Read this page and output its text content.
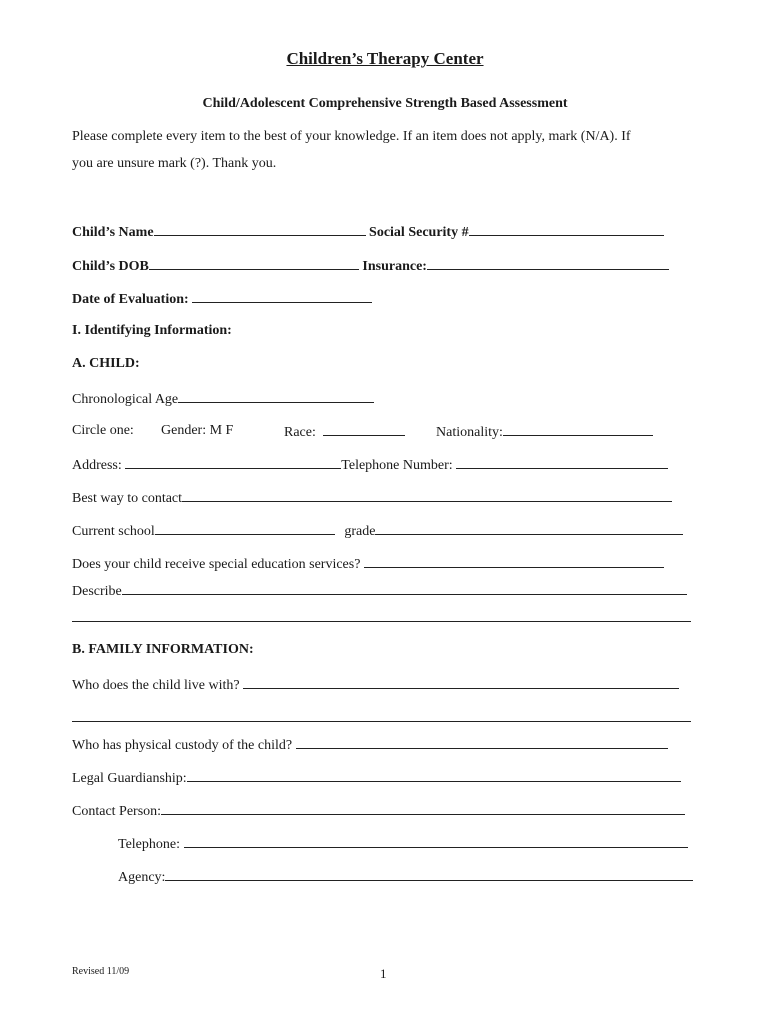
Children’s Therapy Center
Child/Adolescent Comprehensive Strength Based Assessment
Please complete every item to the best of your knowledge. If an item does not apply, mark (N/A). If
you are unsure mark (?). Thank you.
Child’s Name	Social Security #
Child’s DOB	Insurance:
Date of Evaluation:
I. Identifying Information:
A. CHILD:
Chronological Age
Circle one: Gender: M F	Race:	Nationality:
Address:	Telephone Number:
Best way to contact
Current school	grade
Does your child receive special education services?
Describe
B. FAMILY INFORMATION:
Who does the child live with?
Who has physical custody of the child?
Legal Guardianship:
Contact Person:
Telephone:
Agency:
Revised 11/09	1
